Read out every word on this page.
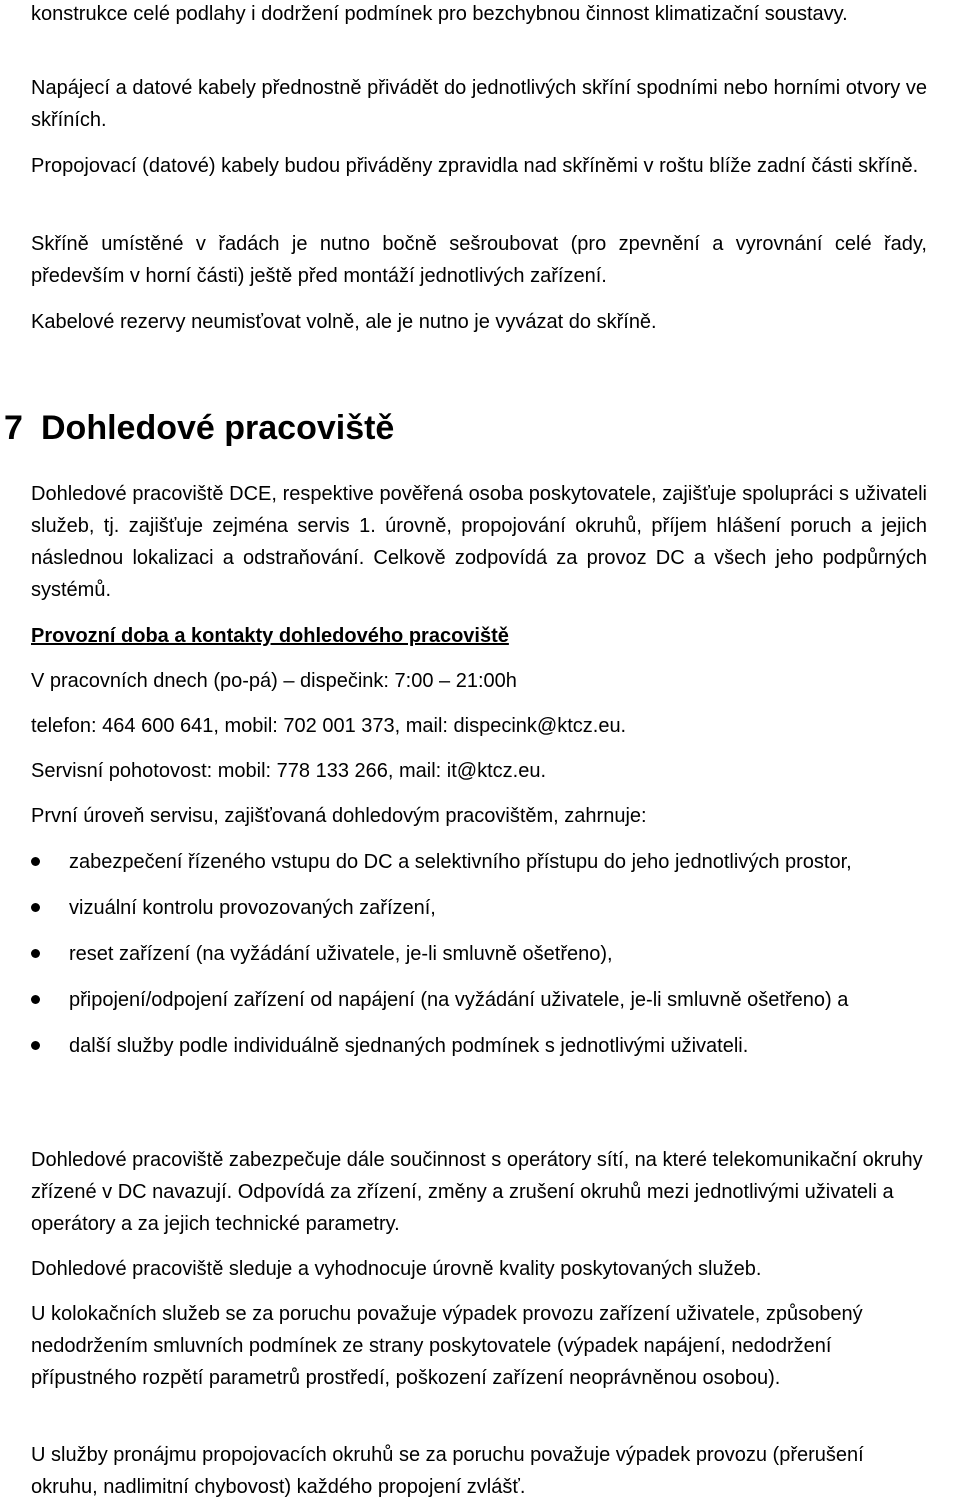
konstrukce celé podlahy i dodržení podmínek pro bezchybnou činnost klimatizační soustavy.

Napájecí a datové kabely přednostně přivádět do jednotlivých skříní spodními nebo horními otvory ve skříních.

Propojovací (datové) kabely budou přiváděny zpravidla nad skříněmi v roštu blíže zadní části skříně.

Skříně umístěné v řadách je nutno bočně sešroubovat (pro zpevnění a vyrovnání celé řady, především v horní části) ještě před montáží jednotlivých zařízení.

Kabelové rezervy neumisťovat volně, ale je nutno je vyvázat do skříně.

7 Dohledové pracoviště

Dohledové pracoviště DCE, respektive pověřená osoba poskytovatele, zajišťuje spolupráci s uživateli služeb, tj. zajišťuje zejména servis 1. úrovně, propojování okruhů, příjem hlášení poruch a jejich následnou lokalizaci a odstraňování. Celkově zodpovídá za provoz DC a všech jeho podpůrných systémů.

Provozní doba a kontakty dohledového pracoviště

V pracovních dnech (po-pá) – dispečink: 7:00 – 21:00h

telefon: 464 600 641, mobil: 702 001 373, mail: dispecink@ktcz.eu.

Servisní pohotovost: mobil: 778 133 266, mail: it@ktcz.eu.

První úroveň servisu, zajišťovaná dohledovým pracovištěm, zahrnuje:

zabezpečení řízeného vstupu do DC a selektivního přístupu do jeho jednotlivých prostor,
vizuální kontrolu provozovaných zařízení,
reset zařízení (na vyžádání uživatele, je-li smluvně ošetřeno),
připojení/odpojení zařízení od napájení (na vyžádání uživatele, je-li smluvně ošetřeno) a
další služby podle individuálně sjednaných podmínek s jednotlivými uživateli.

Dohledové pracoviště zabezpečuje dále součinnost s operátory sítí, na které telekomunikační okruhy zřízené v DC navazují. Odpovídá za zřízení, změny a zrušení okruhů mezi jednotlivými uživateli a operátory a za jejich technické parametry.

Dohledové pracoviště sleduje a vyhodnocuje úrovně kvality poskytovaných služeb.

U kolokačních služeb se za poruchu považuje výpadek provozu zařízení uživatele, způsobený nedodržením smluvních podmínek ze strany poskytovatele (výpadek napájení, nedodržení přípustného rozpětí parametrů prostředí, poškození zařízení neoprávněnou osobou).

U služby pronájmu propojovacích okruhů se za poruchu považuje výpadek provozu (přerušení okruhu, nadlimitní chybovost) každého propojení zvlášť.
